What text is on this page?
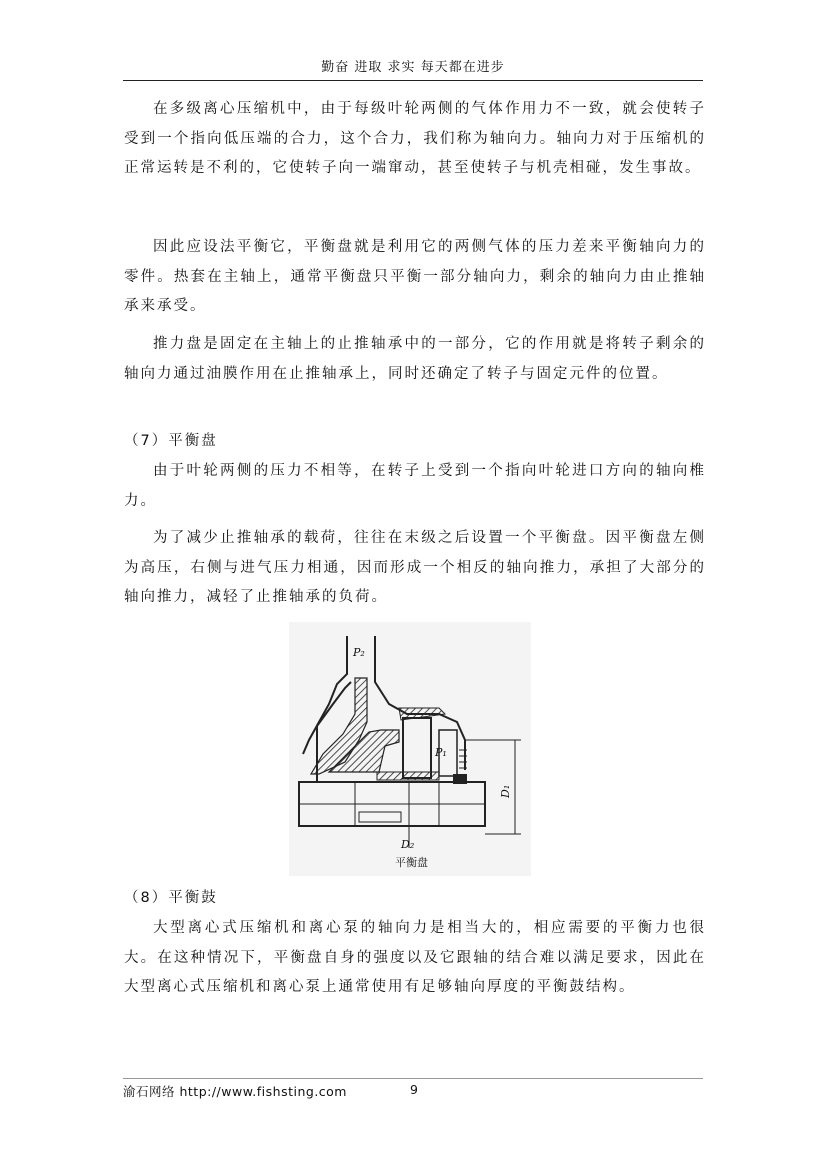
勤奋 进取 求实 每天都在进步
在多级离心压缩机中，由于每级叶轮两侧的气体作用力不一致，就会使转子受到一个指向低压端的合力，这个合力，我们称为轴向力。轴向力对于压缩机的正常运转是不利的，它使转子向一端窜动，甚至使转子与机壳相碰，发生事故。
因此应设法平衡它，平衡盘就是利用它的两侧气体的压力差来平衡轴向力的零件。热套在主轴上，通常平衡盘只平衡一部分轴向力，剩余的轴向力由止推轴承来承受。
推力盘是固定在主轴上的止推轴承中的一部分，它的作用就是将转子剩余的轴向力通过油膜作用在止推轴承上，同时还确定了转子与固定元件的位置。
（7）平衡盘
由于叶轮两侧的压力不相等，在转子上受到一个指向叶轮进口方向的轴向椎力。
为了减少止推轴承的载荷，往往在末级之后设置一个平衡盘。因平衡盘左侧为高压，右侧与进气压力相通，因而形成一个相反的轴向推力，承担了大部分的轴向推力，减轻了止推轴承的负荷。
P₂
P₁
D₁
D₂
平衡盘
（8）平衡鼓
大型离心式压缩机和离心泵的轴向力是相当大的，相应需要的平衡力也很大。在这种情况下，平衡盘自身的强度以及它跟轴的结合难以满足要求，因此在大型离心式压缩机和离心泵上通常使用有足够轴向厚度的平衡鼓结构。
渝石网络 http://www.fishsting.com	9
